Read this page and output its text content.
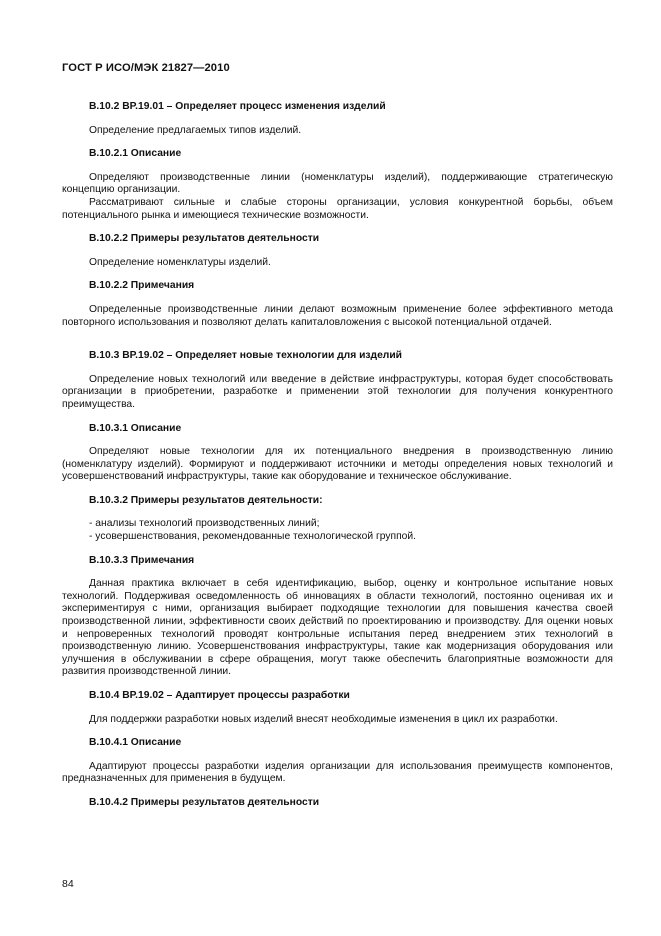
ГОСТ Р ИСО/МЭК 21827—2010
B.10.2 BP.19.01 – Определяет процесс изменения изделий

Определение предлагаемых типов изделий.

B.10.2.1 Описание

Определяют производственные линии (номенклатуры изделий), поддерживающие стратегическую концепцию организации.

Рассматривают сильные и слабые стороны организации, условия конкурентной борьбы, объем потенциального рынка и имеющиеся технические возможности.

B.10.2.2 Примеры результатов деятельности

Определение номенклатуры изделий.

B.10.2.2 Примечания

Определенные производственные линии делают возможным применение более эффективного метода повторного использования и позволяют делать капиталовложения с высокой потенциальной отдачей.

B.10.3 BP.19.02 – Определяет новые технологии для изделий

Определение новых технологий или введение в действие инфраструктуры, которая будет способствовать организации в приобретении, разработке и применении этой технологии для получения конкурентного преимущества.

B.10.3.1 Описание

Определяют новые технологии для их потенциального внедрения в производственную линию (номенклатуру изделий). Формируют и поддерживают источники и методы определения новых технологий и усовершенствований инфраструктуры, такие как оборудование и техническое обслуживание.

B.10.3.2 Примеры результатов деятельности:

- анализы технологий производственных линий;

- усовершенствования, рекомендованные технологической группой.

B.10.3.3 Примечания

Данная практика включает в себя идентификацию, выбор, оценку и контрольное испытание новых технологий. Поддерживая осведомленность об инновациях в области технологий, постоянно оценивая их и экспериментируя с ними, организация выбирает подходящие технологии для повышения качества своей производственной линии, эффективности своих действий по проектированию и производству. Для оценки новых и непроверенных технологий проводят контрольные испытания перед внедрением этих технологий в производственную линию. Усовершенствования инфраструктуры, такие как модернизация оборудования или улучшения в обслуживании в сфере обращения, могут также обеспечить благоприятные возможности для развития производственной линии.

B.10.4 BP.19.02 – Адаптирует процессы разработки

Для поддержки разработки новых изделий внесят необходимые изменения в цикл их разработки.

B.10.4.1 Описание

Адаптируют процессы разработки изделия организации для использования преимуществ компонентов, предназначенных для применения в будущем.

B.10.4.2 Примеры результатов деятельности
84
